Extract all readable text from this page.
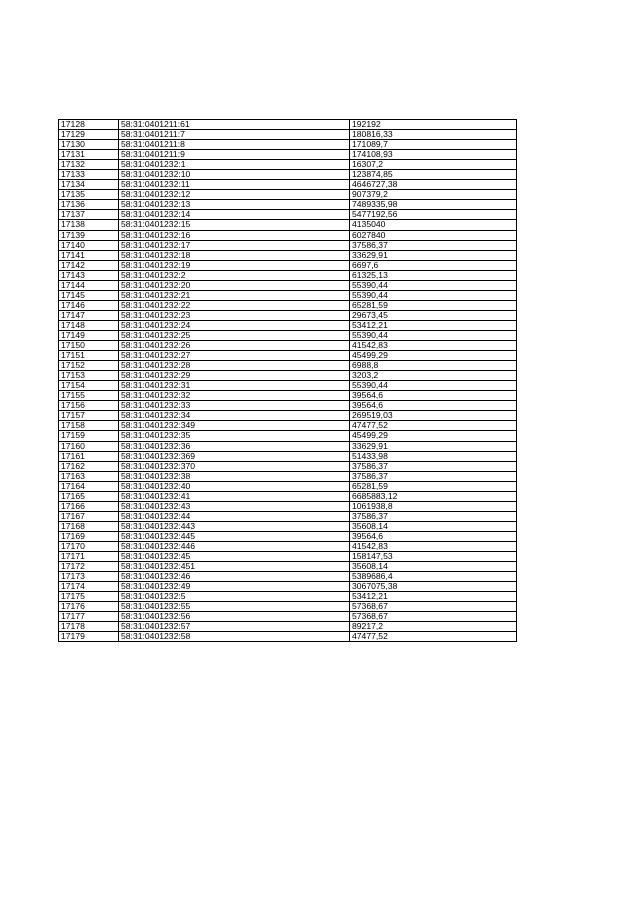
17128	58:31:0401211:61	192192
17129	58:31:0401211:7	180816,33
17130	58:31:0401211:8	171089,7
17131	58:31:0401211:9	174108,93
17132	58:31:0401232:1	16307,2
17133	58:31:0401232:10	123874,85
17134	58:31:0401232:11	4646727,38
17135	58:31:0401232:12	907379,2
17136	58:31:0401232:13	7489335,98
17137	58:31:0401232:14	5477192,56
17138	58:31:0401232:15	4135040
17139	58:31:0401232:16	6027840
17140	58:31:0401232:17	37586,37
17141	58:31:0401232:18	33629,91
17142	58:31:0401232:19	6697,6
17143	58:31:0401232:2	61325,13
17144	58:31:0401232:20	55390,44
17145	58:31:0401232:21	55390,44
17146	58:31:0401232:22	65281,59
17147	58:31:0401232:23	29673,45
17148	58:31:0401232:24	53412,21
17149	58:31:0401232:25	55390,44
17150	58:31:0401232:26	41542,83
17151	58:31:0401232:27	45499,29
17152	58:31:0401232:28	6988,8
17153	58:31:0401232:29	3203,2
17154	58:31:0401232:31	55390,44
17155	58:31:0401232:32	39564,6
17156	58:31:0401232:33	39564,6
17157	58:31:0401232:34	269519,03
17158	58:31:0401232:349	47477,52
17159	58:31:0401232:35	45499,29
17160	58:31:0401232:36	33629,91
17161	58:31:0401232:369	51433,98
17162	58:31:0401232:370	37586,37
17163	58:31:0401232:38	37586,37
17164	58:31:0401232:40	65281,59
17165	58:31:0401232:41	6685883,12
17166	58:31:0401232:43	1061938,8
17167	58:31:0401232:44	37586,37
17168	58:31:0401232:443	35608,14
17169	58:31:0401232:445	39564,6
17170	58:31:0401232:446	41542,83
17171	58:31:0401232:45	158147,53
17172	58:31:0401232:451	35608,14
17173	58:31:0401232:46	5389686,4
17174	58:31:0401232:49	3067075,38
17175	58:31:0401232:5	53412,21
17176	58:31:0401232:55	57368,67
17177	58:31:0401232:56	57368,67
17178	58:31:0401232:57	89217,2
17179	58:31:0401232:58	47477,52
